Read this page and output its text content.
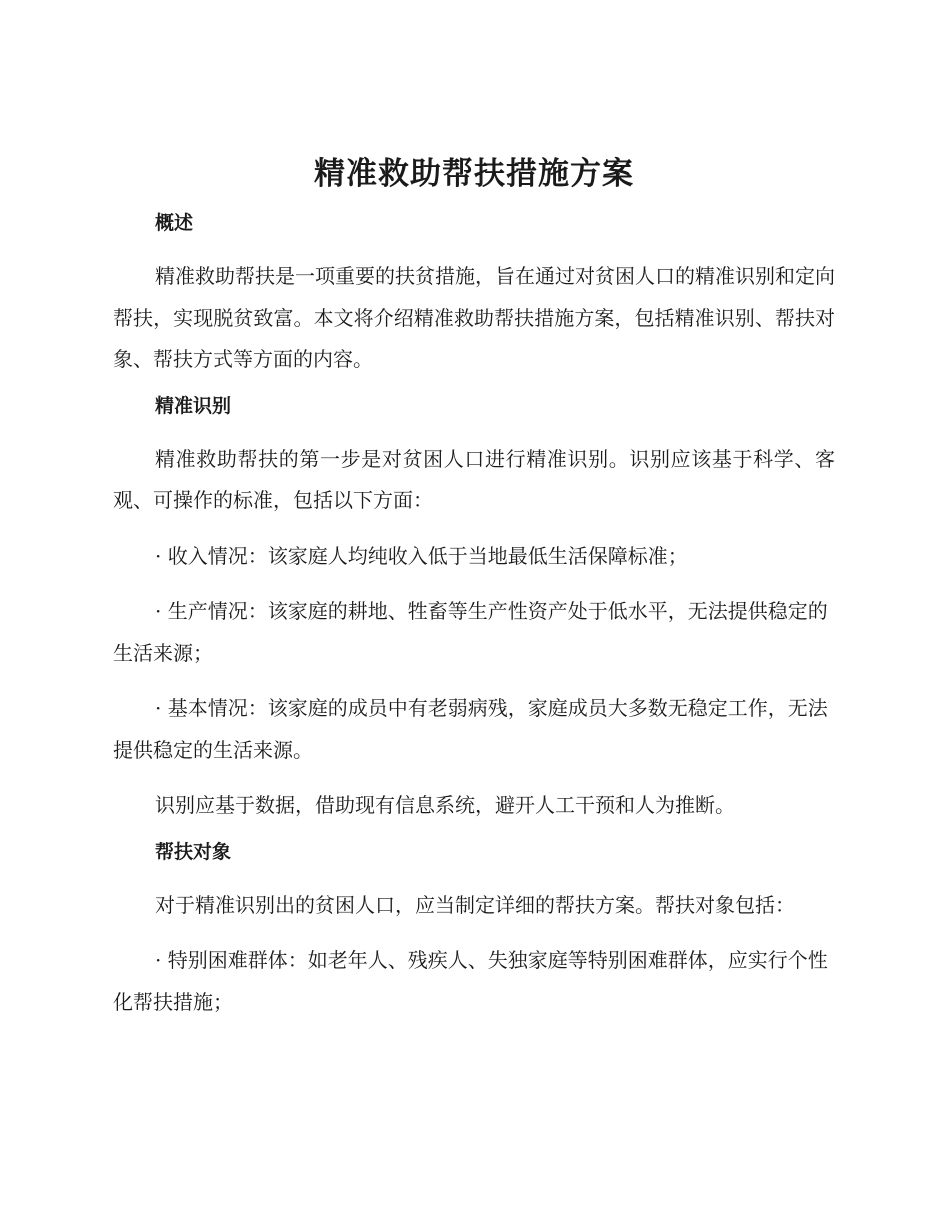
精准救助帮扶措施方案
概述

精准救助帮扶是一项重要的扶贫措施，旨在通过对贫困人口的精准识别和定向帮扶，实现脱贫致富。本文将介绍精准救助帮扶措施方案，包括精准识别、帮扶对象、帮扶方式等方面的内容。

精准识别

精准救助帮扶的第一步是对贫困人口进行精准识别。识别应该基于科学、客观、可操作的标准，包括以下方面：

· 收入情况：该家庭人均纯收入低于当地最低生活保障标准；

· 生产情况：该家庭的耕地、牲畜等生产性资产处于低水平，无法提供稳定的生活来源；

· 基本情况：该家庭的成员中有老弱病残，家庭成员大多数无稳定工作，无法提供稳定的生活来源。

识别应基于数据，借助现有信息系统，避开人工干预和人为推断。

帮扶对象

对于精准识别出的贫困人口，应当制定详细的帮扶方案。帮扶对象包括：

· 特别困难群体：如老年人、残疾人、失独家庭等特别困难群体，应实行个性化帮扶措施；
